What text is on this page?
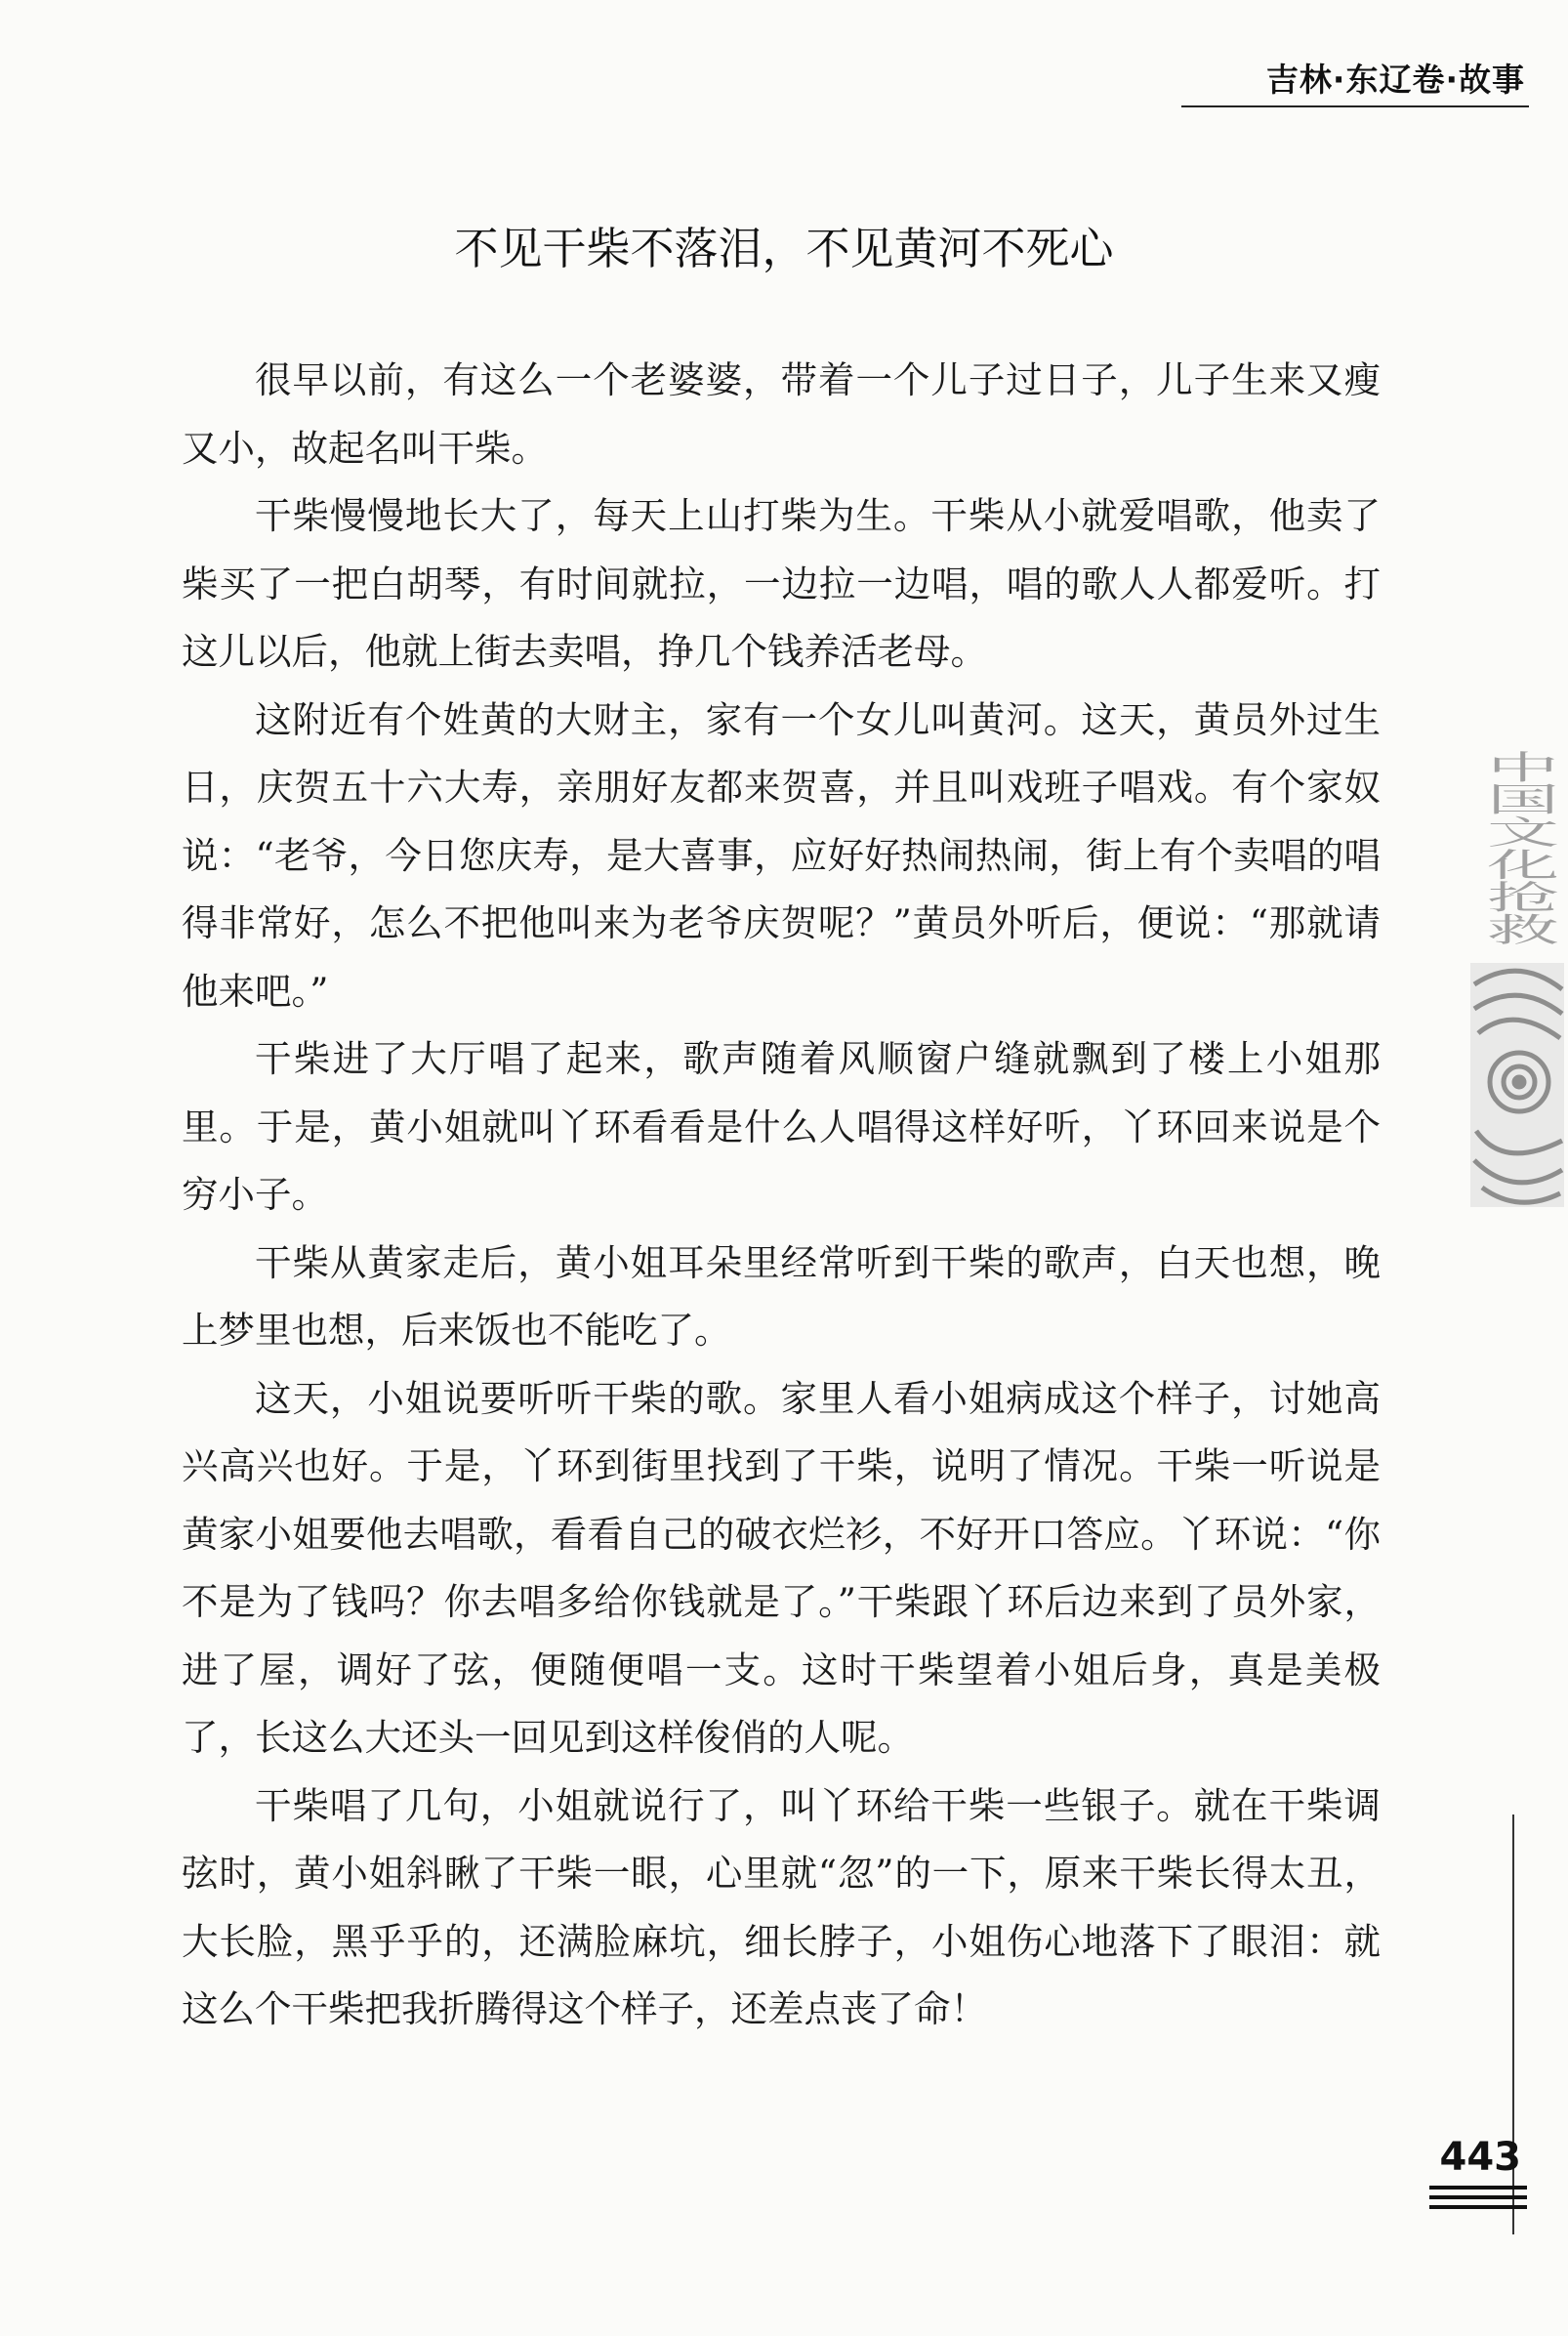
吉林·东辽卷·故事
不见干柴不落泪，不见黄河不死心

很早以前，有这么一个老婆婆，带着一个儿子过日子，儿子生来又瘦又小，故起名叫干柴。

干柴慢慢地长大了，每天上山打柴为生。干柴从小就爱唱歌，他卖了柴买了一把白胡琴，有时间就拉，一边拉一边唱，唱的歌人人都爱听。打这儿以后，他就上街去卖唱，挣几个钱养活老母。

这附近有个姓黄的大财主，家有一个女儿叫黄河。这天，黄员外过生日，庆贺五十六大寿，亲朋好友都来贺喜，并且叫戏班子唱戏。有个家奴说：“老爷，今日您庆寿，是大喜事，应好好热闹热闹，街上有个卖唱的唱得非常好，怎么不把他叫来为老爷庆贺呢？”黄员外听后，便说：“那就请他来吧。”

干柴进了大厅唱了起来，歌声随着风顺窗户缝就飘到了楼上小姐那里。于是，黄小姐就叫丫环看看是什么人唱得这样好听，丫环回来说是个穷小子。

干柴从黄家走后，黄小姐耳朵里经常听到干柴的歌声，白天也想，晚上梦里也想，后来饭也不能吃了。

这天，小姐说要听听干柴的歌。家里人看小姐病成这个样子，讨她高兴高兴也好。于是，丫环到街里找到了干柴，说明了情况。干柴一听说是黄家小姐要他去唱歌，看看自己的破衣烂衫，不好开口答应。丫环说：“你不是为了钱吗？你去唱多给你钱就是了。”干柴跟丫环后边来到了员外家，进了屋，调好了弦，便随便唱一支。这时干柴望着小姐后身，真是美极了，长这么大还头一回见到这样俊俏的人呢。

干柴唱了几句，小姐就说行了，叫丫环给干柴一些银子。就在干柴调弦时，黄小姐斜瞅了干柴一眼，心里就“忽”的一下，原来干柴长得太丑，大长脸，黑乎乎的，还满脸麻坑，细长脖子，小姐伤心地落下了眼泪：就这么个干柴把我折腾得这个样子，还差点丧了命！

443
